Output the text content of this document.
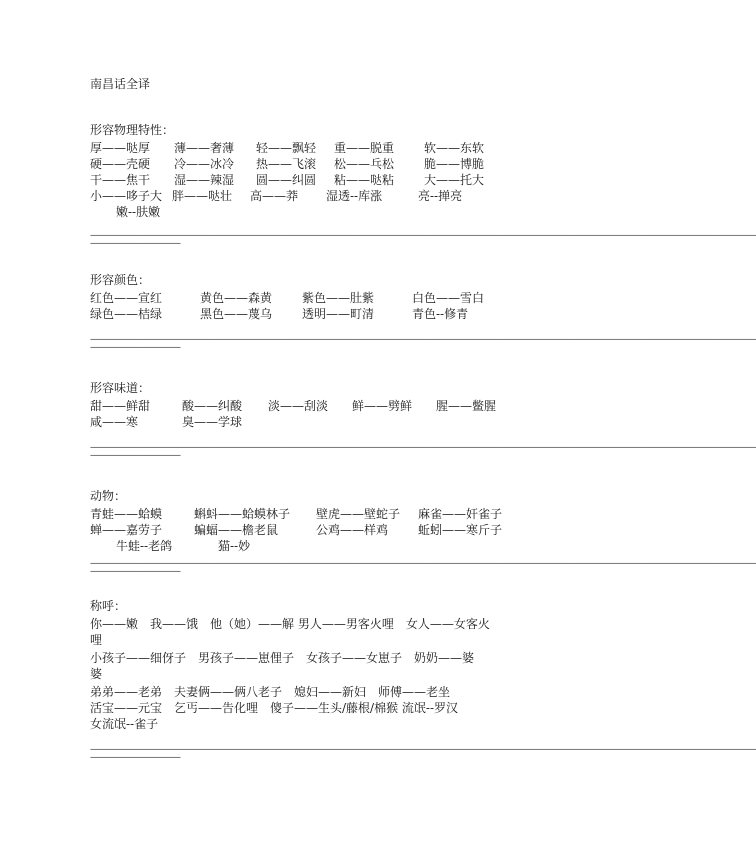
南昌话全译
形容物理特性：
厚——哒厚 薄——奢薄 轻——飘轻 重——脱重 软——东软
硬——壳硬 冷——冰冷 热——飞滚 松——乓松 脆——博脆
干——焦干 湿——辣湿 圆——纠圆 粘——哒粘 大——托大
小——哆子大 胖——哒壮 高——莽 湿透--库涨	亮--掸亮
嫩--肤嫩
——————————————————————————————————————————————————————————————————————————
——————————
形容颜色：
红色——宣红	黄色——森黄 紫色——肚紫	白色——雪白
绿色——桔绿	黑色——蔑乌 透明——町清	青色--修青
——————————————————————————————————————————————————————————————————————————
——————————
形容味道：
甜——鲜甜	酸——纠酸 淡——刮淡 鲜——劈鲜 腥——鳖腥
咸——寒	臭——学球
——————————————————————————————————————————————————————————————————————————
——————————
动物：
青蛙——蛤蟆	蝌蚪——蛤蟆林子 壁虎——壁蛇子 麻雀——奸雀子
蝉——嘉劳子	蝙蝠——檐老鼠	公鸡——样鸡 蚯蚓——寒斤子
牛蛙--老鸽	猫--妙
——————————————————————————————————————————————————————————————————————————
——————————
称呼：
你——嫩　我——饿　他（她）——解 男人——男客火哩　女人——女客火
哩
小孩子——细伢子　男孩子——崽俚子　女孩子——女崽子　奶奶——婆
婆
弟弟——老弟　夫妻俩——俩八老子　媳妇——新妇　师傅——老坐
活宝——元宝　乞丐——告化哩　傻子——生头/藤根/棉猴 流氓--罗汉
女流氓--雀子
——————————————————————————————————————————————————————————————————————————
——————————
